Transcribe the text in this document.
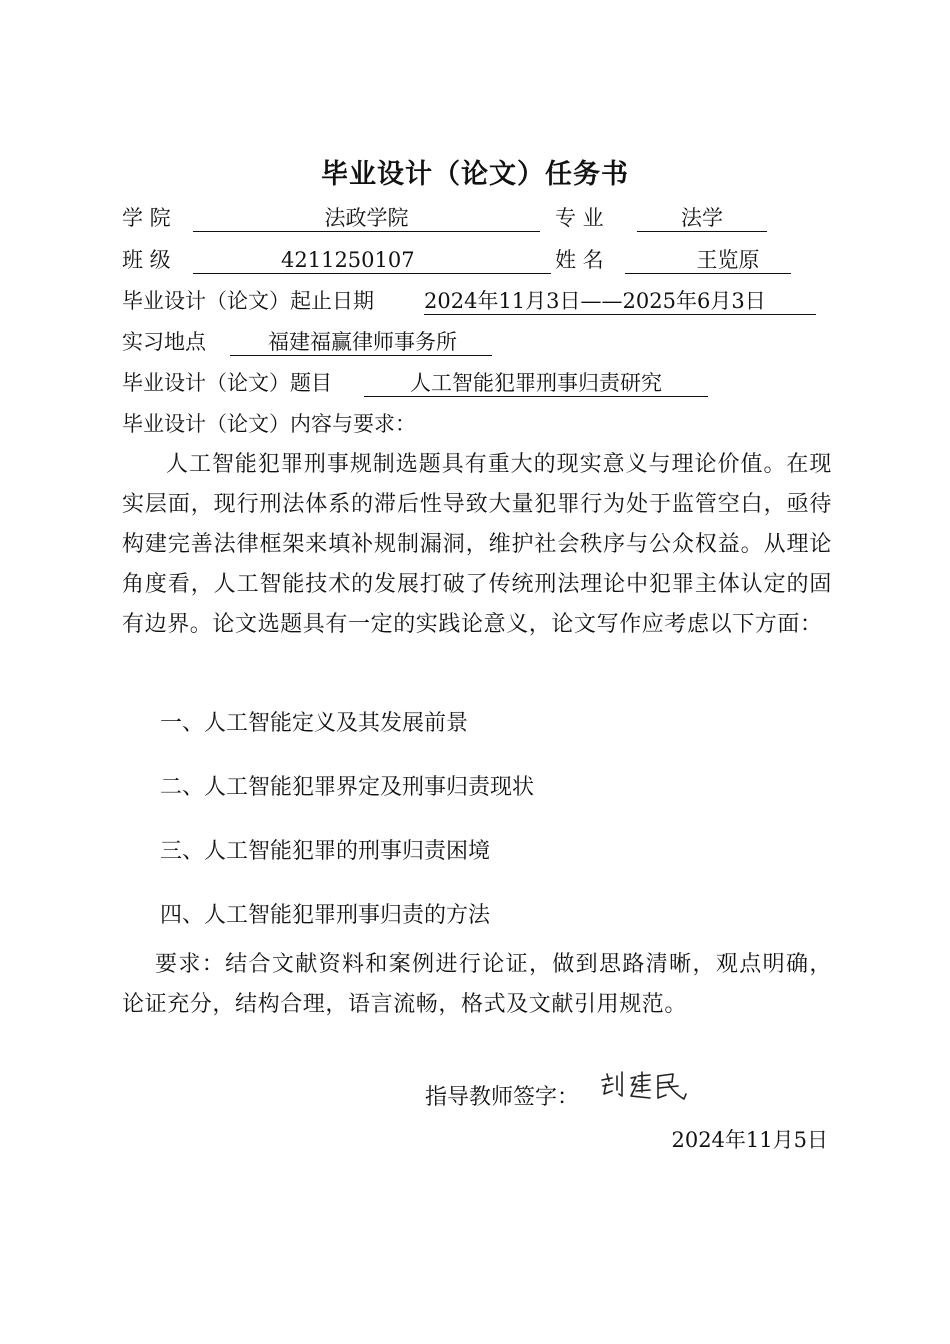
毕业设计（论文）任务书
学 院	法政学院	专 业	法学
班 级	4211250107	姓 名	王览原
毕业设计（论文）起止日期 2024年11月3日——2025年6月3日
实习地点	福建福赢律师事务所
毕业设计（论文）题目	人工智能犯罪刑事归责研究
毕业设计（论文）内容与要求：
人工智能犯罪刑事规制选题具有重大的现实意义与理论价值。在现实层面，现行刑法体系的滞后性导致大量犯罪行为处于监管空白，亟待构建完善法律框架来填补规制漏洞，维护社会秩序与公众权益。从理论角度看，人工智能技术的发展打破了传统刑法理论中犯罪主体认定的固有边界。论文选题具有一定的实践论意义，论文写作应考虑以下方面：
一、人工智能定义及其发展前景
二、人工智能犯罪界定及刑事归责现状
三、人工智能犯罪的刑事归责困境
四、人工智能犯罪刑事归责的方法
要求：结合文献资料和案例进行论证，做到思路清晰，观点明确，论证充分，结构合理，语言流畅，格式及文献引用规范。
指导教师签字：
2024年11月5日
